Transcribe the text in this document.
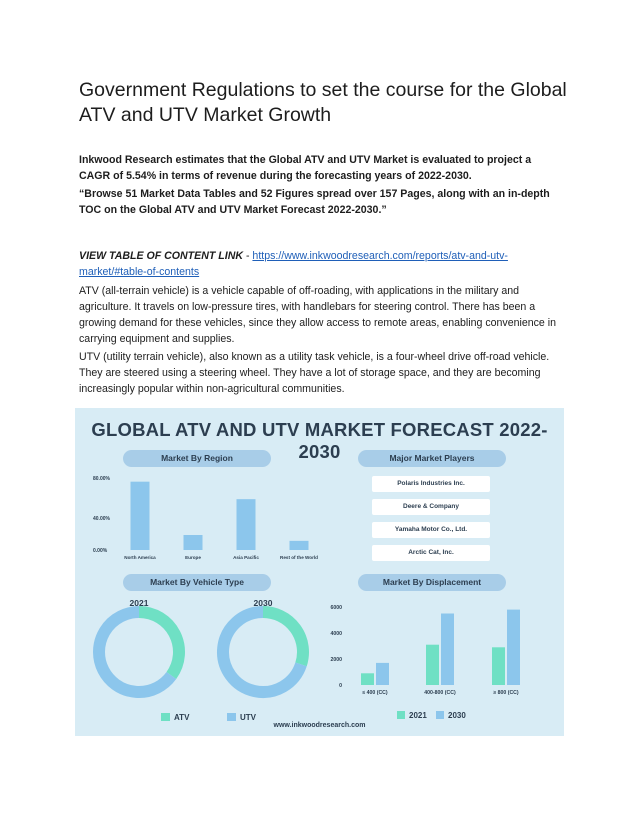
Government Regulations to set the course for the Global ATV and UTV Market Growth
Inkwood Research estimates that the Global ATV and UTV Market is evaluated to project a CAGR of 5.54% in terms of revenue during the forecasting years of 2022-2030.
“Browse 51 Market Data Tables and 52 Figures spread over 157 Pages, along with an in-depth TOC on the Global ATV and UTV Market Forecast 2022-2030.”
VIEW TABLE OF CONTENT LINK - https://www.inkwoodresearch.com/reports/atv-and-utv-market/#table-of-contents
ATV (all-terrain vehicle) is a vehicle capable of off-roading, with applications in the military and agriculture. It travels on low-pressure tires, with handlebars for steering control. There has been a growing demand for these vehicles, since they allow access to remote areas, enabling convenience in carrying equipment and supplies.
UTV (utility terrain vehicle), also known as a utility task vehicle, is a four-wheel drive off-road vehicle. They are steered using a steering wheel. They have a lot of storage space, and they are becoming increasingly popular within non-agricultural communities.
GLOBAL ATV AND UTV MARKET FORECAST 2022-2030
Market By Region	Major Market Players
Polaris Industries Inc.
Deere & Company
Yamaha Motor Co., Ltd.
Arctic Cat, Inc.
Market By Vehicle Type	Market By Displacement
80.00%
40.00%
0.00%
North America	Europe	Asia Pacific	Rest of the World
2021	2030
ATV	UTV
6000
4000
2000
0
≤ 400 (CC)	400-800 (CC)	≥ 800 (CC)
2021	2030
www.inkwoodresearch.com
